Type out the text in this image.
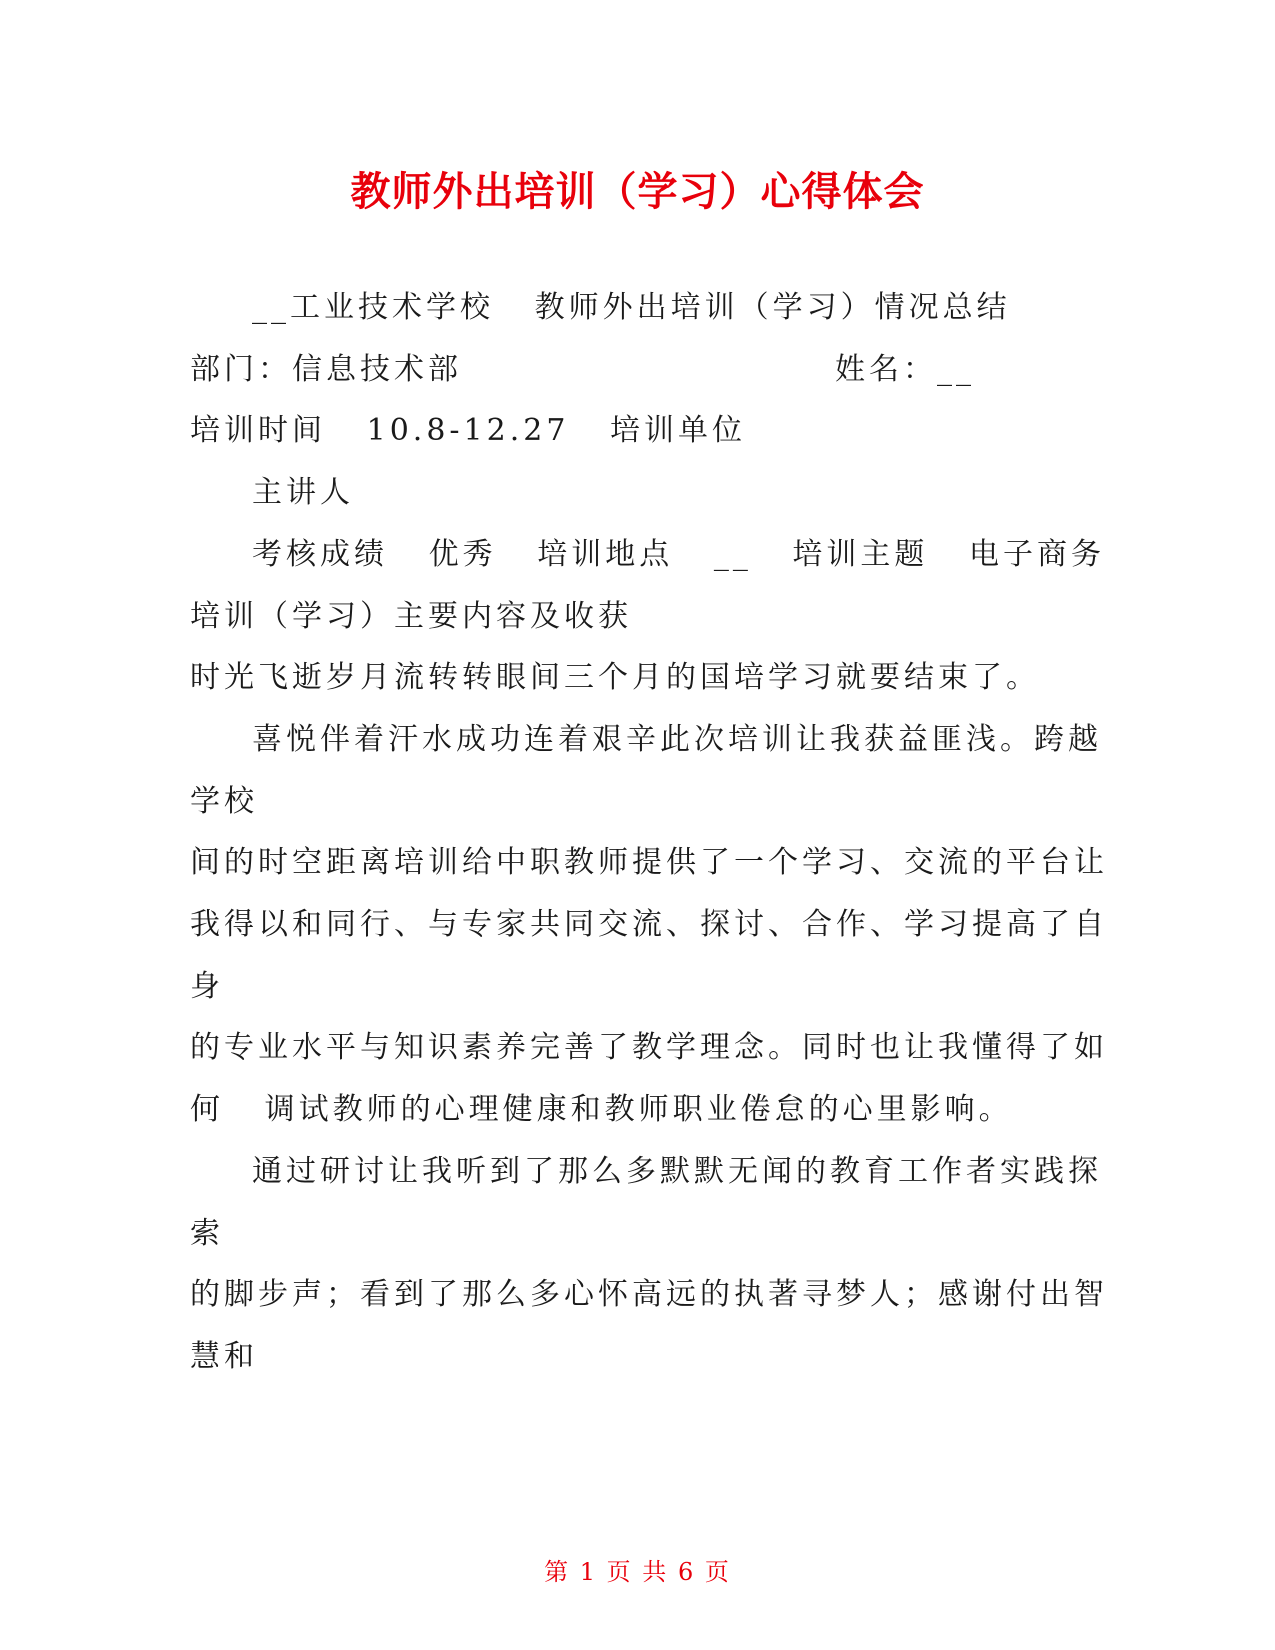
教师外出培训（学习）心得体会
__工业技术学校   教师外出培训（学习）情况总结
部门：信息技术部	姓名：__
培训时间   10.8-12.27   培训单位
主讲人
考核成绩   优秀   培训地点   __   培训主题   电子商务
培训（学习）主要内容及收获
时光飞逝岁月流转转眼间三个月的国培学习就要结束了。
喜悦伴着汗水成功连着艰辛此次培训让我获益匪浅。跨越
学校
间的时空距离培训给中职教师提供了一个学习、交流的平台让
我得以和同行、与专家共同交流、探讨、合作、学习提高了自
身
的专业水平与知识素养完善了教学理念。同时也让我懂得了如
何   调试教师的心理健康和教师职业倦怠的心里影响。
通过研讨让我听到了那么多默默无闻的教育工作者实践探
索
的脚步声；看到了那么多心怀高远的执著寻梦人；感谢付出智
慧和
第 1 页 共 6 页
